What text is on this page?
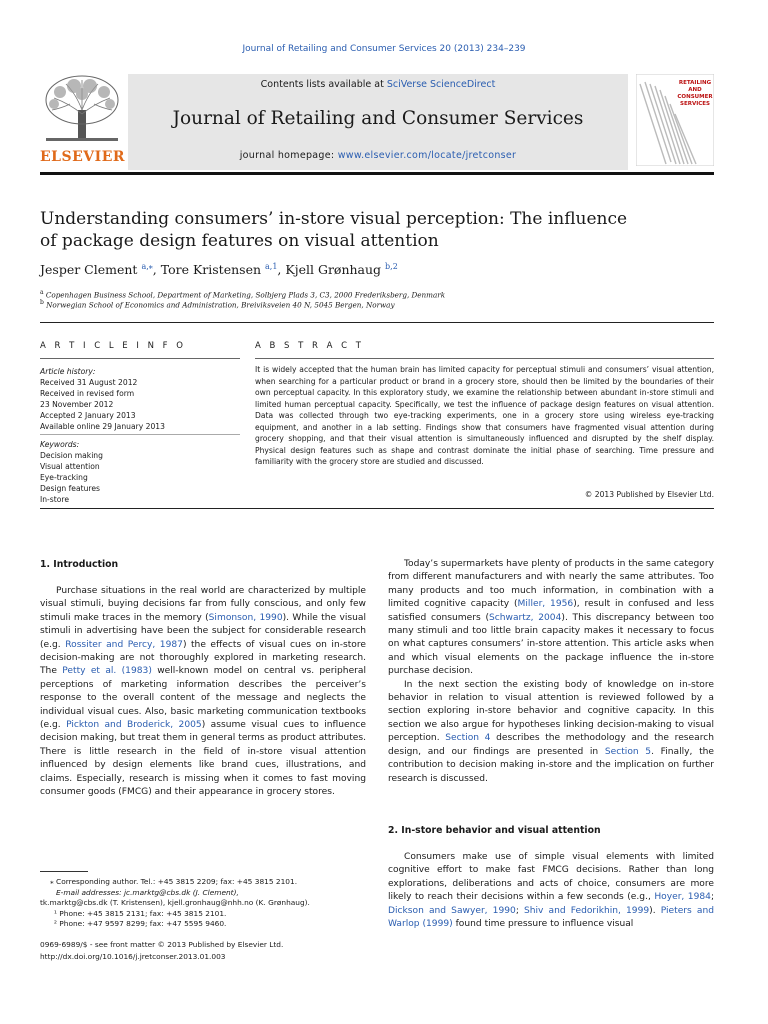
Journal of Retailing and Consumer Services 20 (2013) 234–239
ELSEVIER
Contents lists available at SciVerse ScienceDirect
Journal of Retailing and Consumer Services
journal homepage: www.elsevier.com/locate/jretconser
RETAILING
AND
CONSUMER
SERVICES
Understanding consumers’ in-store visual perception: The influence
of package design features on visual attention
Jesper Clement $^{a,⁎}$, Tore Kristensen $^{a,1}$, Kjell Grønhaug $^{b,2}$
$^a$ Copenhagen Business School, Department of Marketing, Solbjerg Plads 3, C3, 2000 Frederiksberg, Denmark
$^b$ Norwegian School of Economics and Administration, Breiviksveien 40 N, 5045 Bergen, Norway
A R T I C L E I N F O	A B S T R A C T
Article history:
Received 31 August 2012
Received in revised form
23 November 2012
Accepted 2 January 2013
Available online 29 January 2013
Keywords:
Decision making
Visual attention
Eye-tracking
Design features
In-store
It is widely accepted that the human brain has limited capacity for perceptual stimuli and consumers’ visual attention, when searching for a particular product or brand in a grocery store, should then be limited by the boundaries of their own perceptual capacity. In this exploratory study, we examine the relationship between abundant in-store stimuli and limited human perceptual capacity. Specifically, we test the influence of package design features on visual attention. Data was collected through two eye-tracking experiments, one in a grocery store using wireless eye-tracking equipment, and another in a lab setting. Findings show that consumers have fragmented visual attention during grocery shopping, and that their visual attention is simultaneously influenced and disrupted by the shelf display. Physical design features such as shape and contrast dominate the initial phase of searching. Time pressure and familiarity with the grocery store are studied and discussed.
© 2013 Published by Elsevier Ltd.
1. Introduction

Purchase situations in the real world are characterized by multiple visual stimuli, buying decisions far from fully conscious, and only few stimuli make traces in the memory (Simonson, 1990). While the visual stimuli in advertising have been the subject for considerable research (e.g. Rossiter and Percy, 1987) the effects of visual cues on in-store decision-making are not thoroughly explored in marketing research. The Petty et al. (1983) well-known model on central vs. peripheral perceptions of marketing information describes the perceiver’s response to the overall content of the message and neglects the individual visual cues. Also, basic marketing communication textbooks (e.g. Pickton and Broderick, 2005) assume visual cues to influence decision making, but treat them in general terms as product attributes. There is little research in the field of in-store visual attention influenced by design elements like brand cues, illustrations, and claims. Especially, research is missing when it comes to fast moving consumer goods (FMCG) and their appearance in grocery stores.

⁎ Corresponding author. Tel.: +45 3815 2209; fax: +45 3815 2101.
E-mail addresses: jc.marktg@cbs.dk (J. Clement),
tk.marktg@cbs.dk (T. Kristensen), kjell.gronhaug@nhh.no (K. Grønhaug).
¹ Phone: +45 3815 2131; fax: +45 3815 2101.
² Phone: +47 9597 8299; fax: +47 5595 9460.
0969-6989/$ - see front matter © 2013 Published by Elsevier Ltd.
http://dx.doi.org/10.1016/j.jretconser.2013.01.003

Today’s supermarkets have plenty of products in the same category from different manufacturers and with nearly the same attributes. Too many products and too much information, in combination with a limited cognitive capacity (Miller, 1956), result in confused and less satisfied consumers (Schwartz, 2004). This discrepancy between too many stimuli and too little brain capacity makes it necessary to focus on what captures consumers’ in-store attention. This article asks when and which visual elements on the package influence the in-store purchase decision.

In the next section the existing body of knowledge on in-store behavior in relation to visual attention is reviewed followed by a section exploring in-store behavior and cognitive capacity. In this section we also argue for hypotheses linking decision-making to visual perception. Section 4 describes the methodology and the research design, and our findings are presented in Section 5. Finally, the contribution to decision making in-store and the implication on further research is discussed.

2. In-store behavior and visual attention

Consumers make use of simple visual elements with limited cognitive effort to make fast FMCG decisions. Rather than long explorations, deliberations and acts of choice, consumers are more likely to reach their decisions within a few seconds (e.g., Hoyer, 1984; Dickson and Sawyer, 1990; Shiv and Fedorikhin, 1999). Pieters and Warlop (1999) found time pressure to influence visual
